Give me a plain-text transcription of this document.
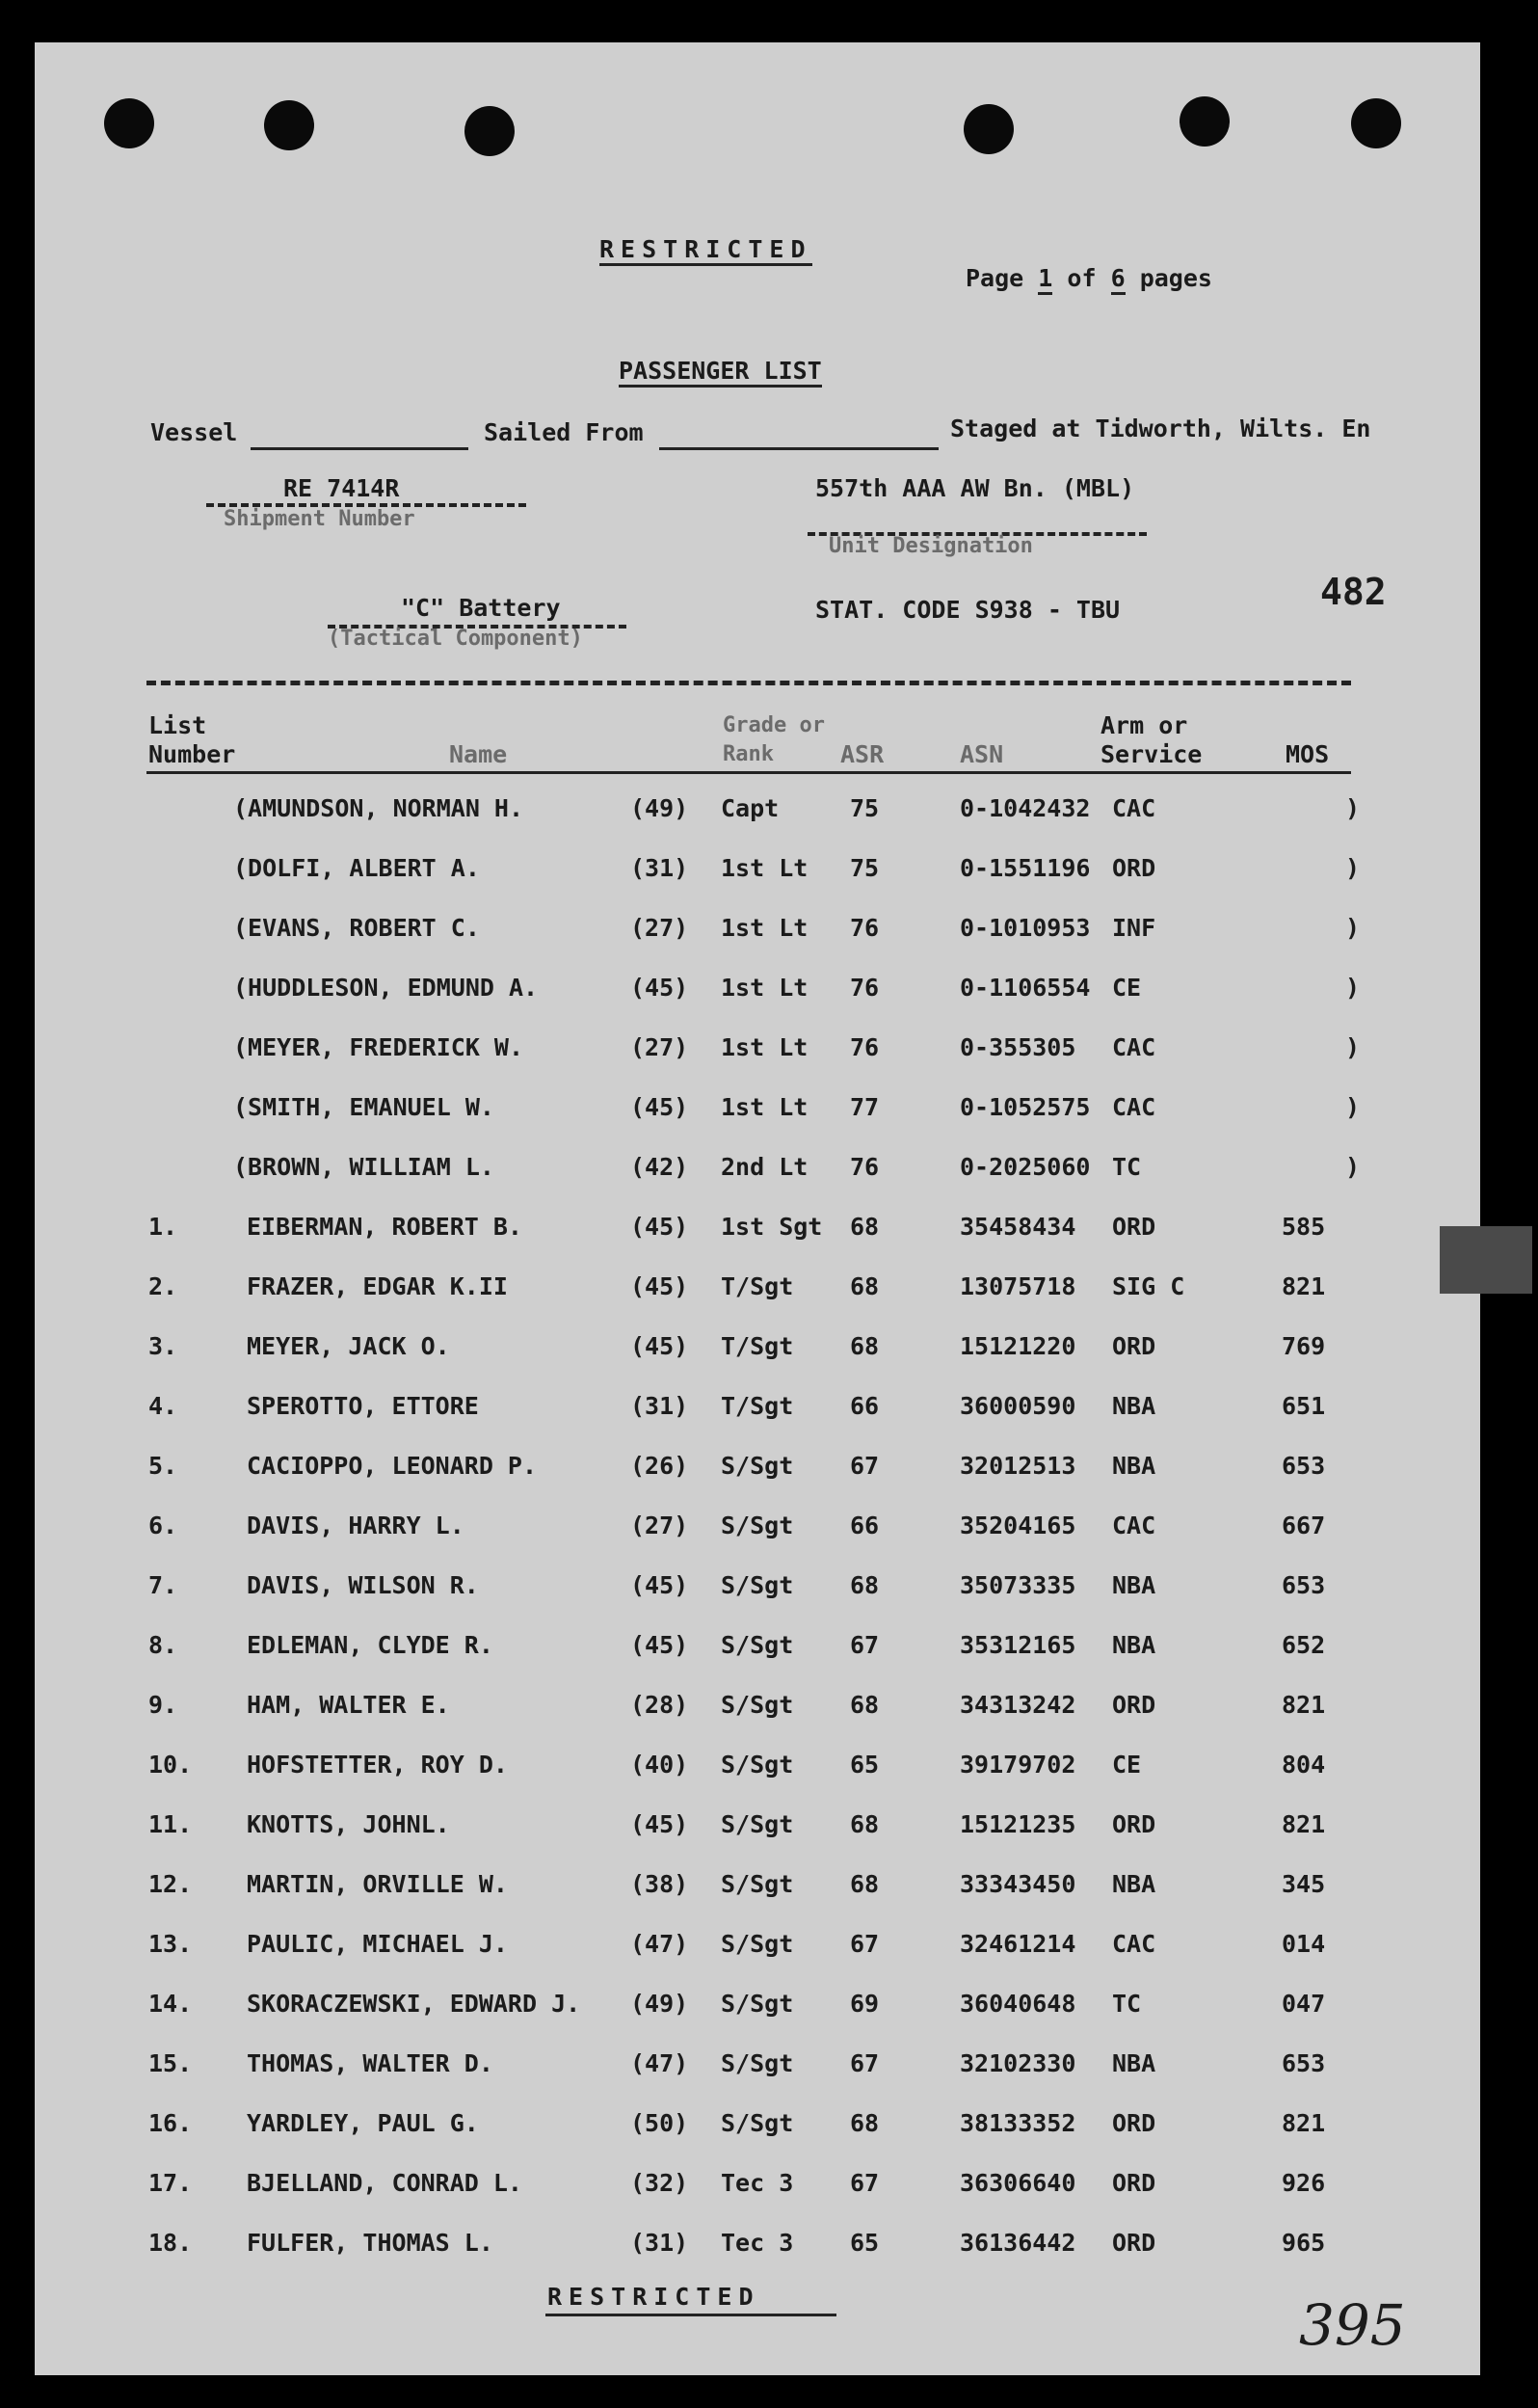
RESTRICTED
Page 1 of 6 pages
PASSENGER LIST
Vessel	Sailed From	Staged at Tidworth, Wilts. En
RE 7414R
Shipment Number
557th AAA AW Bn. (MBL)
Unit Designation
"C" Battery
(Tactical Component)
STAT. CODE S938 - TBU	482
List
Number	Name
Grade or
Rank	ASR	ASN
Arm or
Service	MOS
(AMUNDSON, NORMAN H.	(49) Capt	75	0-1042432 CAC	)
(DOLFI, ALBERT A.	(31) 1st Lt 75	0-1551196 ORD	)
(EVANS, ROBERT C.	(27) 1st Lt 76	0-1010953 INF	)
(HUDDLESON, EDMUND A.	(45) 1st Lt 76	0-1106554 CE	)
(MEYER, FREDERICK W.	(27) 1st Lt 76	0-355305 CAC	)
(SMITH, EMANUEL W.	(45) 1st Lt 77	0-1052575 CAC	)
(BROWN, WILLIAM L.	(42) 2nd Lt 76	0-2025060 TC	)
1.	EIBERMAN, ROBERT B.	(45) 1st Sgt 68	35458434 ORD	585
2.	FRAZER, EDGAR K.II	(45) T/Sgt 68	13075718 SIG C	821
3.	MEYER, JACK O.	(45) T/Sgt 68	15121220 ORD	769
4.	SPEROTTO, ETTORE	(31) T/Sgt 66	36000590 NBA	651
5.	CACIOPPO, LEONARD P.	(26) S/Sgt 67	32012513 NBA	653
6.	DAVIS, HARRY L.	(27) S/Sgt 66	35204165 CAC	667
7.	DAVIS, WILSON R.	(45) S/Sgt 68	35073335 NBA	653
8.	EDLEMAN, CLYDE R.	(45) S/Sgt 67	35312165 NBA	652
9.	HAM, WALTER E.	(28) S/Sgt 68	34313242 ORD	821
10. HOFSTETTER, ROY D.	(40) S/Sgt 65	39179702 CE	804
11. KNOTTS, JOHNL.	(45) S/Sgt 68	15121235 ORD	821
12. MARTIN, ORVILLE W.	(38) S/Sgt 68	33343450 NBA	345
13. PAULIC, MICHAEL J.	(47) S/Sgt 67	32461214 CAC	014
14. SKORACZEWSKI, EDWARD J. (49) S/Sgt 69	36040648 TC	047
15. THOMAS, WALTER D.	(47) S/Sgt 67	32102330 NBA	653
16. YARDLEY, PAUL G.	(50) S/Sgt 68	38133352 ORD	821
17. BJELLAND, CONRAD L.	(32) Tec 3 67	36306640 ORD	926
18. FULFER, THOMAS L.	(31) Tec 3 65	36136442 ORD	965
RESTRICTED	395
